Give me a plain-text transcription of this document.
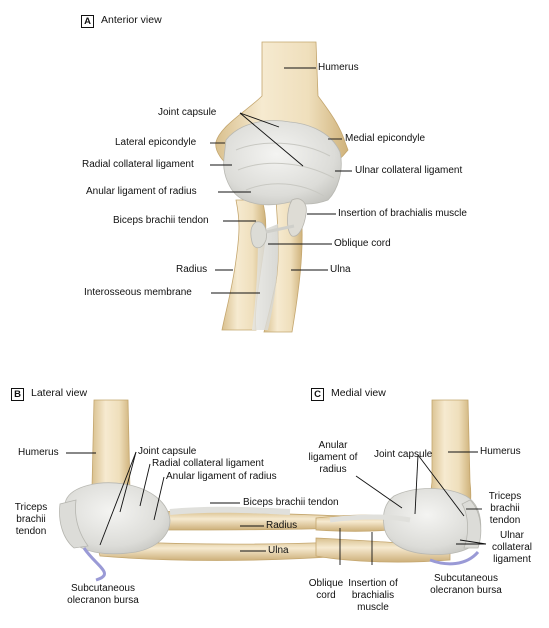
A Anterior view
B Lateral view	C Medial view
Humerus
Joint capsule
Lateral epicondyle	Medial epicondyle
Radial collateral ligament
Ulnar collateral ligament
Anular ligament of radius
Biceps brachii tendon
Insertion of brachialis muscle
Oblique cord
Radius	Ulna
Interosseous membrane
Humerus	Joint capsule
Radial collateral ligament
Anular ligament of radius
Triceps brachii tendon
Biceps brachii tendon
Radius
Ulna
Subcutaneous olecranon bursa
Anular ligament of radius
Joint capsule	Humerus
Triceps brachii tendon
Ulnar collateral ligament
Oblique cord
Insertion of brachialis muscle
Subcutaneous olecranon bursa
